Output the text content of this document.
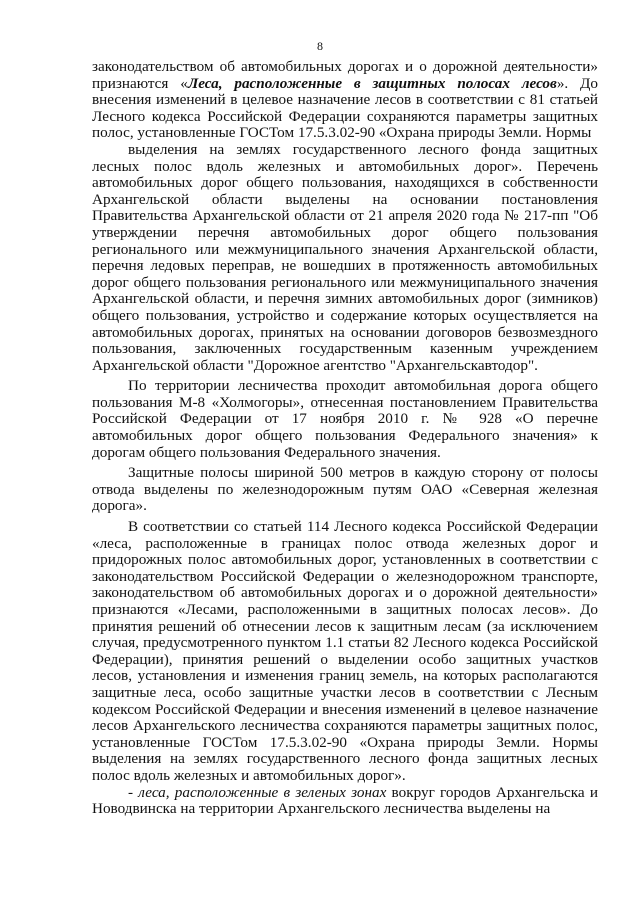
8

законодательством об автомобильных дорогах и о дорожной деятельности» признаются «Леса, расположенные в защитных полосах лесов». До внесения изменений в целевое назначение лесов в соответствии с 81 статьей Лесного кодекса Российской Федерации сохраняются параметры защитных полос, установленные ГОСТом 17.5.3.02-90 «Охрана природы Земли. Нормы

выделения на землях государственного лесного фонда защитных лесных полос вдоль железных и автомобильных дорог». Перечень автомобильных дорог общего пользования, находящихся в собственности Архангельской области выделены на основании постановления Правительства Архангельской области от 21 апреля 2020 года № 217-пп "Об утверждении перечня автомобильных дорог общего пользования регионального или межмуниципального значения Архангельской области, перечня ледовых переправ, не вошедших в протяженность автомобильных дорог общего пользования регионального или межмуниципального значения Архангельской области, и перечня зимних автомобильных дорог (зимников) общего пользования, устройство и содержание которых осуществляется на автомобильных дорогах, принятых на основании договоров безвозмездного пользования, заключенных государственным казенным учреждением Архангельской области "Дорожное агентство "Архангельскавтодор".

По территории лесничества проходит автомобильная дорога общего пользования М-8 «Холмогоры», отнесенная постановлением Правительства Российской Федерации от 17 ноября 2010 г. № 928 «О перечне автомобильных дорог общего пользования Федерального значения» к дорогам общего пользования Федерального значения.

Защитные полосы шириной 500 метров в каждую сторону от полосы отвода выделены по железнодорожным путям ОАО «Северная железная дорога».

В соответствии со статьей 114 Лесного кодекса Российской Федерации «леса, расположенные в границах полос отвода железных дорог и придорожных полос автомобильных дорог, установленных в соответствии с законодательством Российской Федерации о железнодорожном транспорте, законодательством об автомобильных дорогах и о дорожной деятельности» признаются «Лесами, расположенными в защитных полосах лесов». До принятия решений об отнесении лесов к защитным лесам (за исключением случая, предусмотренного пунктом 1.1 статьи 82 Лесного кодекса Российской Федерации), принятия решений о выделении особо защитных участков лесов, установления и изменения границ земель, на которых располагаются защитные леса, особо защитные участки лесов в соответствии с Лесным кодексом Российской Федерации и внесения изменений в целевое назначение лесов Архангельского лесничества сохраняются параметры защитных полос, установленные ГОСТом 17.5.3.02-90 «Охрана природы Земли. Нормы выделения на землях государственного лесного фонда защитных лесных полос вдоль железных и автомобильных дорог».

- леса, расположенные в зеленых зонах вокруг городов Архангельска и Новодвинска на территории Архангельского лесничества выделены на
